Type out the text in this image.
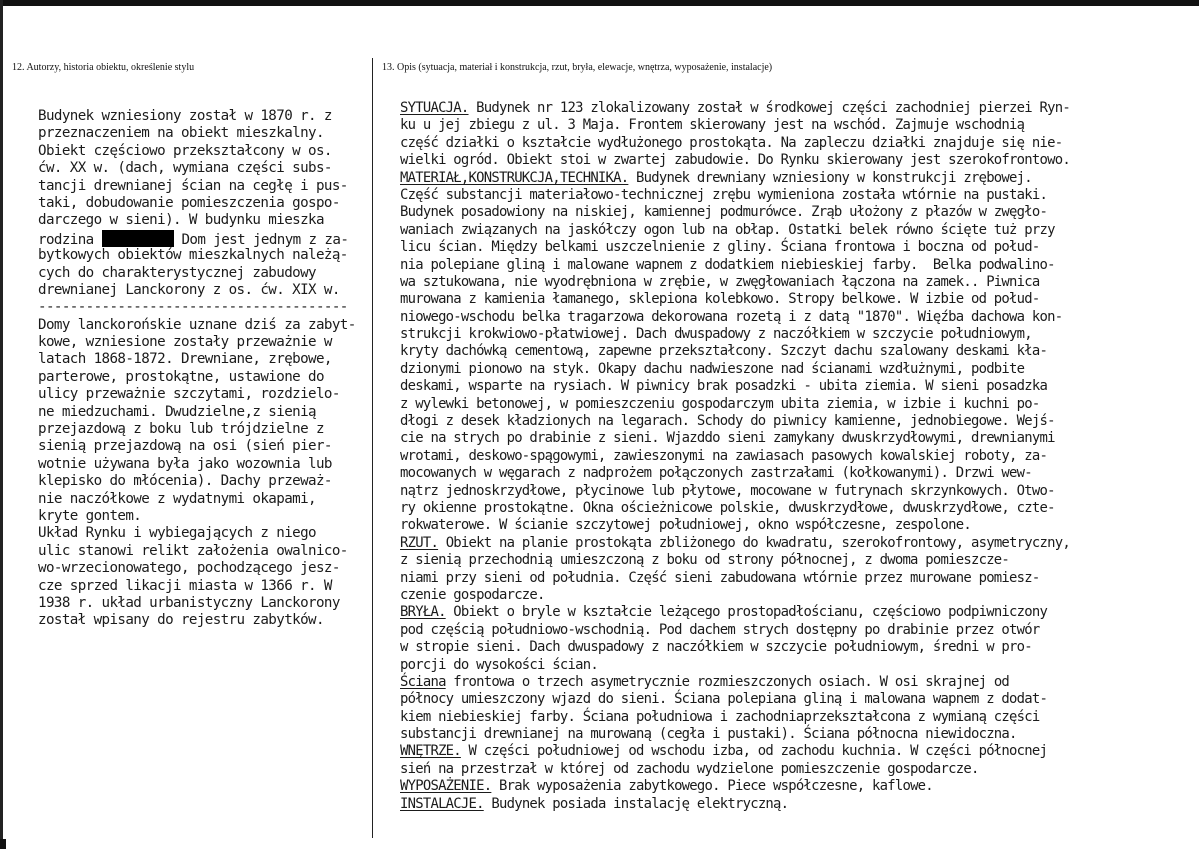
12. Autorzy, historia obiektu, określenie stylu	13. Opis (sytuacja, materiał i konstrukcja, rzut, bryła, elewacje, wnętrza, wyposażenie, instalacje)
Budynek wzniesiony został w 1870 r. z
przeznaczeniem na obiekt mieszkalny.
Obiekt częściowo przekształcony w os.
ćw. XX w. (dach, wymiana części subs-
tancji drewnianej ścian na cegłę i pus-
taki, dobudowanie pomieszczenia gospo-
darczego w sieni). W budynku mieszka
rodzina	Dom jest jednym z za-
bytkowych obiektów mieszkalnych należą-
cych do charakterystycznej zabudowy
drewnianej Lanckorony z os. ćw. XIX w.
---------------------------------------
Domy lanckorońskie uznane dziś za zabyt-
kowe, wzniesione zostały przeważnie w
latach 1868-1872. Drewniane, zrębowe,
parterowe, prostokątne, ustawione do
ulicy przeważnie szczytami, rozdzielo-
ne miedzuchami. Dwudzielne,z sienią
przejazdową z boku lub trójdzielne z
sienią przejazdową na osi (sień pier-
wotnie używana była jako wozownia lub
klepisko do młócenia). Dachy przeważ-
nie naczółkowe z wydatnymi okapami,
kryte gontem.
Układ Rynku i wybiegających z niego
ulic stanowi relikt założenia owalnico-
wo-wrzecionowatego, pochodzącego jesz-
cze sprzed likacji miasta w 1366 r. W
1938 r. układ urbanistyczny Lanckorony
został wpisany do rejestru zabytków.
SYTUACJA. Budynek nr 123 zlokalizowany został w środkowej części zachodniej pierzei Ryn-
ku u jej zbiegu z ul. 3 Maja. Frontem skierowany jest na wschód. Zajmuje wschodnią
część działki o kształcie wydłużonego prostokąta. Na zapleczu działki znajduje się nie-
wielki ogród. Obiekt stoi w zwartej zabudowie. Do Rynku skierowany jest szerokofrontowo.
MATERIAŁ,KONSTRUKCJA,TECHNIKA. Budynek drewniany wzniesiony w konstrukcji zrębowej.
Część substancji materiałowo-technicznej zrębu wymieniona została wtórnie na pustaki.
Budynek posadowiony na niskiej, kamiennej podmurówce. Zrąb ułożony z płazów w zwęgło-
waniach związanych na jaskółczy ogon lub na obłap. Ostatki belek równo ścięte tuż przy
licu ścian. Między belkami uszczelnienie z gliny. Ściana frontowa i boczna od połud-
nia polepiane gliną i malowane wapnem z dodatkiem niebieskiej farby.  Belka podwalino-
wa sztukowana, nie wyodrębniona w zrębie, w zwęgłowaniach łączona na zamek.. Piwnica
murowana z kamienia łamanego, sklepiona kolebkowo. Stropy belkowe. W izbie od połud-
niowego-wschodu belka tragarzowa dekorowana rozetą i z datą "1870". Więźba dachowa kon-
strukcji krokwiowo-płatwiowej. Dach dwuspadowy z naczółkiem w szczycie południowym,
kryty dachówką cementową, zapewne przekształcony. Szczyt dachu szalowany deskami kła-
dzionymi pionowo na styk. Okapy dachu nadwieszone nad ścianami wzdłużnymi, podbite
deskami, wsparte na rysiach. W piwnicy brak posadzki - ubita ziemia. W sieni posadzka
z wylewki betonowej, w pomieszczeniu gospodarczym ubita ziemia, w izbie i kuchni po-
dłogi z desek kładzionych na legarach. Schody do piwnicy kamienne, jednobiegowe. Wejś-
cie na strych po drabinie z sieni. Wjazddo sieni zamykany dwuskrzydłowymi, drewnianymi
wrotami, deskowo-spągowymi, zawieszonymi na zawiasach pasowych kowalskiej roboty, za-
mocowanych w węgarach z nadprożem połączonych zastrzałami (kołkowanymi). Drzwi wew-
nątrz jednoskrzydłowe, płycinowe lub płytowe, mocowane w futrynach skrzynkowych. Otwo-
ry okienne prostokątne. Okna ościeżnicowe polskie, dwuskrzydłowe, dwuskrzydłowe, czte-
rokwaterowe. W ścianie szczytowej południowej, okno współczesne, zespolone.
RZUT. Obiekt na planie prostokąta zbliżonego do kwadratu, szerokofrontowy, asymetryczny,
z sienią przechodnią umieszczoną z boku od strony północnej, z dwoma pomieszcze-
niami przy sieni od południa. Część sieni zabudowana wtórnie przez murowane pomiesz-
czenie gospodarcze.
BRYŁA. Obiekt o bryle w kształcie leżącego prostopadłościanu, częściowo podpiwniczony
pod częścią południowo-wschodnią. Pod dachem strych dostępny po drabinie przez otwór
w stropie sieni. Dach dwuspadowy z naczółkiem w szczycie południowym, średni w pro-
porcji do wysokości ścian.
Ściana frontowa o trzech asymetrycznie rozmieszczonych osiach. W osi skrajnej od
północy umieszczony wjazd do sieni. Ściana polepiana gliną i malowana wapnem z dodat-
kiem niebieskiej farby. Ściana południowa i zachodniaprzekształcona z wymianą części
substancji drewnianej na murowaną (cegła i pustaki). Ściana północna niewidoczna.
WNĘTRZE. W części południowej od wschodu izba, od zachodu kuchnia. W części północnej
sień na przestrzał w której od zachodu wydzielone pomieszczenie gospodarcze.
WYPOSAŻENIE. Brak wyposażenia zabytkowego. Piece współczesne, kaflowe.
INSTALACJE. Budynek posiada instalację elektryczną.
